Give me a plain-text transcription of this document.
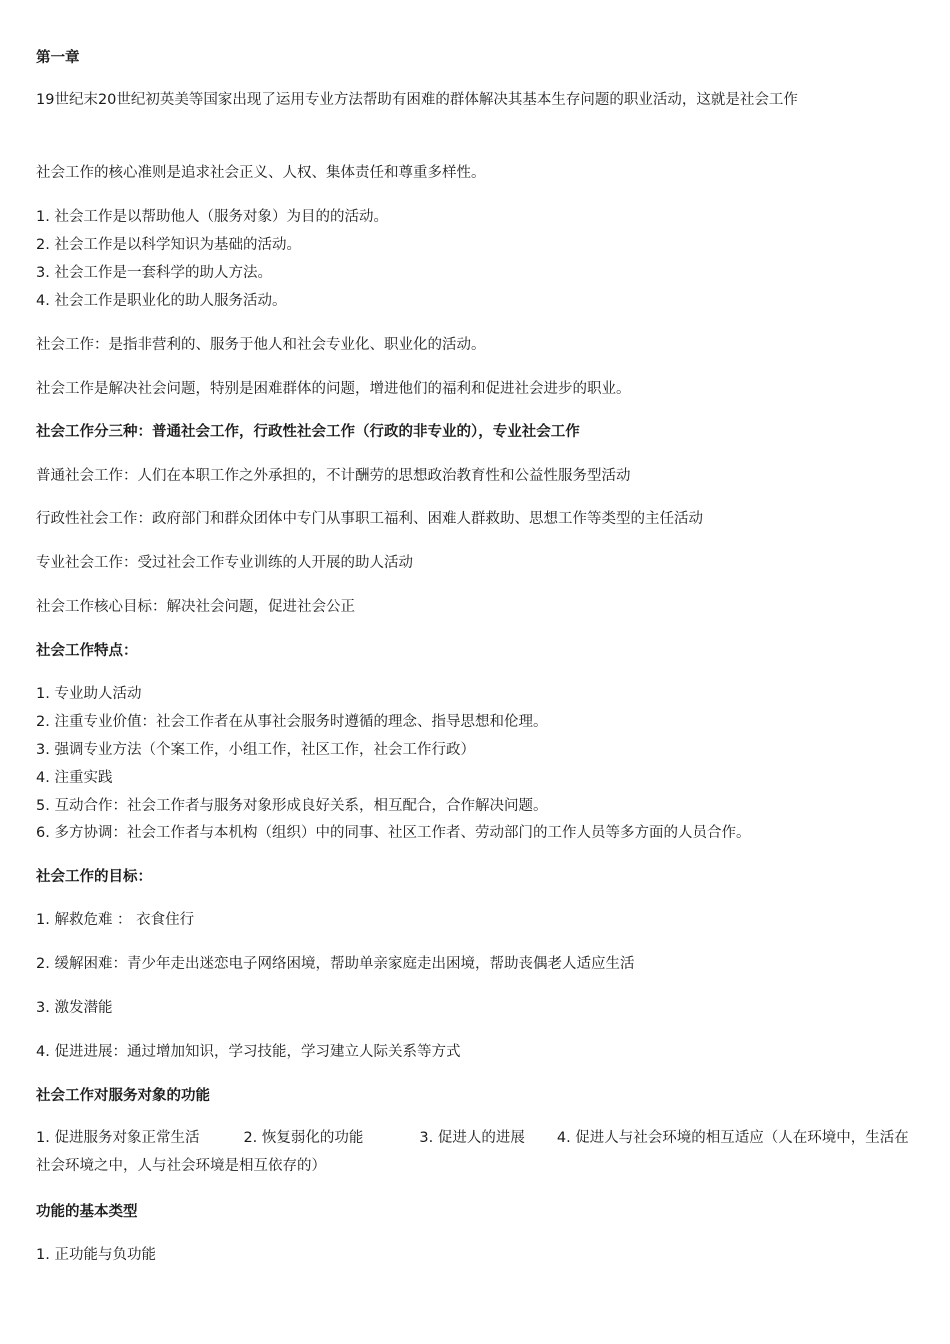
第一章
19世纪末20世纪初英美等国家出现了运用专业方法帮助有困难的群体解决其基本生存问题的职业活动，这就是社会工作
社会工作的核心准则是追求社会正义、人权、集体责任和尊重多样性。
1. 社会工作是以帮助他人（服务对象）为目的的活动。
2. 社会工作是以科学知识为基础的活动。
3. 社会工作是一套科学的助人方法。
4. 社会工作是职业化的助人服务活动。
社会工作：是指非营利的、服务于他人和社会专业化、职业化的活动。
社会工作是解决社会问题，特别是困难群体的问题，增进他们的福利和促进社会进步的职业。
社会工作分三种：普通社会工作，行政性社会工作（行政的非专业的），专业社会工作
普通社会工作：人们在本职工作之外承担的，不计酬劳的思想政治教育性和公益性服务型活动
行政性社会工作：政府部门和群众团体中专门从事职工福利、困难人群救助、思想工作等类型的主任活动
专业社会工作：受过社会工作专业训练的人开展的助人活动
社会工作核心目标：解决社会问题，促进社会公正
社会工作特点：
1. 专业助人活动
2. 注重专业价值：社会工作者在从事社会服务时遵循的理念、指导思想和伦理。
3. 强调专业方法（个案工作，小组工作，社区工作，社会工作行政）
4. 注重实践
5. 互动合作：社会工作者与服务对象形成良好关系，相互配合，合作解决问题。
6. 多方协调：社会工作者与本机构（组织）中的同事、社区工作者、劳动部门的工作人员等多方面的人员合作。
社会工作的目标：
1. 解救危难 ： 衣食住行
2. 缓解困难：青少年走出迷恋电子网络困境，帮助单亲家庭走出困境，帮助丧偶老人适应生活
3. 激发潜能
4. 促进进展：通过增加知识，学习技能，学习建立人际关系等方式
社会工作对服务对象的功能
1. 促进服务对象正常生活	2. 恢复弱化的功能	3. 促进人的进展 4. 促进人与社会环境的相互适应（人在环境中，生活在社会环境之中，人与社会环境是相互依存的）
功能的基本类型
1. 正功能与负功能
